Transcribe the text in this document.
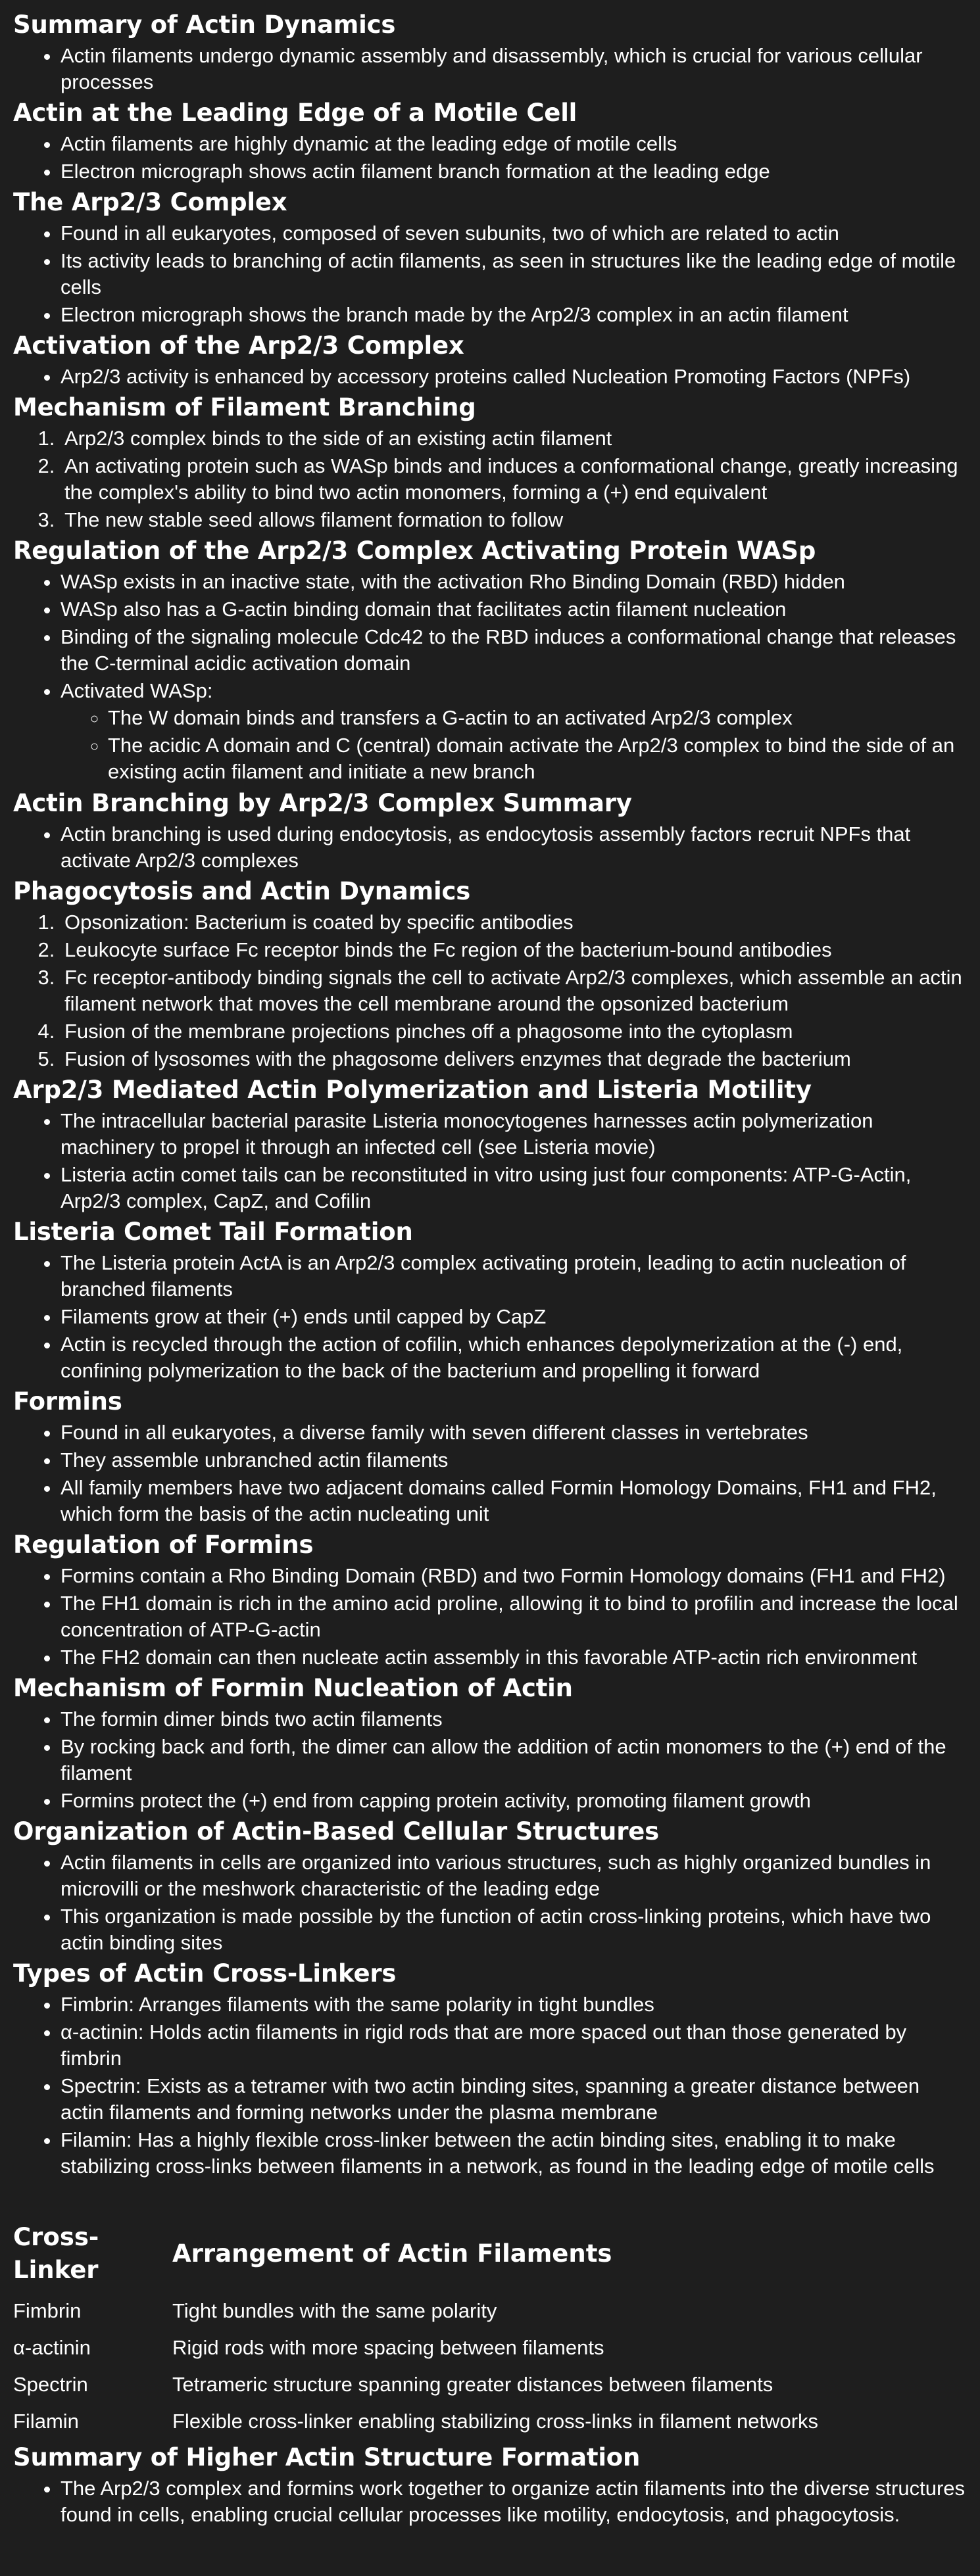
Summary of Actin Dynamics
• Actin filaments undergo dynamic assembly and disassembly, which is crucial for various cellular processes
Actin at the Leading Edge of a Motile Cell
• Actin filaments are highly dynamic at the leading edge of motile cells
• Electron micrograph shows actin filament branch formation at the leading edge
The Arp2/3 Complex
• Found in all eukaryotes, composed of seven subunits, two of which are related to actin
• Its activity leads to branching of actin filaments, as seen in structures like the leading edge of motile cells
• Electron micrograph shows the branch made by the Arp2/3 complex in an actin filament
Activation of the Arp2/3 Complex
• Arp2/3 activity is enhanced by accessory proteins called Nucleation Promoting Factors (NPFs)
Mechanism of Filament Branching
1. Arp2/3 complex binds to the side of an existing actin filament
2. An activating protein such as WASp binds and induces a conformational change, greatly increasing the complex's ability to bind two actin monomers, forming a (+) end equivalent
3. The new stable seed allows filament formation to follow
Regulation of the Arp2/3 Complex Activating Protein WASp
• WASp exists in an inactive state, with the activation Rho Binding Domain (RBD) hidden
• WASp also has a G-actin binding domain that facilitates actin filament nucleation
• Binding of the signaling molecule Cdc42 to the RBD induces a conformational change that releases the C-terminal acidic activation domain
• Activated WASp:
◦ The W domain binds and transfers a G-actin to an activated Arp2/3 complex
◦ The acidic A domain and C (central) domain activate the Arp2/3 complex to bind the side of an existing actin filament and initiate a new branch
Actin Branching by Arp2/3 Complex Summary
• Actin branching is used during endocytosis, as endocytosis assembly factors recruit NPFs that activate Arp2/3 complexes
Phagocytosis and Actin Dynamics
1. Opsonization: Bacterium is coated by specific antibodies
2. Leukocyte surface Fc receptor binds the Fc region of the bacterium-bound antibodies
3. Fc receptor-antibody binding signals the cell to activate Arp2/3 complexes, which assemble an actin filament network that moves the cell membrane around the opsonized bacterium
4. Fusion of the membrane projections pinches off a phagosome into the cytoplasm
5. Fusion of lysosomes with the phagosome delivers enzymes that degrade the bacterium
Arp2/3 Mediated Actin Polymerization and Listeria Motility
• The intracellular bacterial parasite Listeria monocytogenes harnesses actin polymerization machinery to propel it through an infected cell (see Listeria movie)
• Listeria actin comet tails can be reconstituted in vitro using just four components: ATP-G-Actin, Arp2/3 complex, CapZ, and Cofilin
Listeria Comet Tail Formation
• The Listeria protein ActA is an Arp2/3 complex activating protein, leading to actin nucleation of branched filaments
• Filaments grow at their (+) ends until capped by CapZ
• Actin is recycled through the action of cofilin, which enhances depolymerization at the (-) end, confining polymerization to the back of the bacterium and propelling it forward
Formins
• Found in all eukaryotes, a diverse family with seven different classes in vertebrates
• They assemble unbranched actin filaments
• All family members have two adjacent domains called Formin Homology Domains, FH1 and FH2, which form the basis of the actin nucleating unit
Regulation of Formins
• Formins contain a Rho Binding Domain (RBD) and two Formin Homology domains (FH1 and FH2)
• The FH1 domain is rich in the amino acid proline, allowing it to bind to profilin and increase the local concentration of ATP-G-actin
• The FH2 domain can then nucleate actin assembly in this favorable ATP-actin rich environment
Mechanism of Formin Nucleation of Actin
• The formin dimer binds two actin filaments
• By rocking back and forth, the dimer can allow the addition of actin monomers to the (+) end of the filament
• Formins protect the (+) end from capping protein activity, promoting filament growth
Organization of Actin-Based Cellular Structures
• Actin filaments in cells are organized into various structures, such as highly organized bundles in microvilli or the meshwork characteristic of the leading edge
• This organization is made possible by the function of actin cross-linking proteins, which have two actin binding sites
Types of Actin Cross-Linkers
• Fimbrin: Arranges filaments with the same polarity in tight bundles
• α-actinin: Holds actin filaments in rigid rods that are more spaced out than those generated by fimbrin
• Spectrin: Exists as a tetramer with two actin binding sites, spanning a greater distance between actin filaments and forming networks under the plasma membrane
• Filamin: Has a highly flexible cross-linker between the actin binding sites, enabling it to make stabilizing cross-links between filaments in a network, as found in the leading edge of motile cells
Cross-Linker	Arrangement of Actin Filaments
Fimbrin	Tight bundles with the same polarity
α-actinin	Rigid rods with more spacing between filaments
Spectrin	Tetrameric structure spanning greater distances between filaments
Filamin	Flexible cross-linker enabling stabilizing cross-links in filament networks
Summary of Higher Actin Structure Formation
• The Arp2/3 complex and formins work together to organize actin filaments into the diverse structures found in cells, enabling crucial cellular processes like motility, endocytosis, and phagocytosis.
